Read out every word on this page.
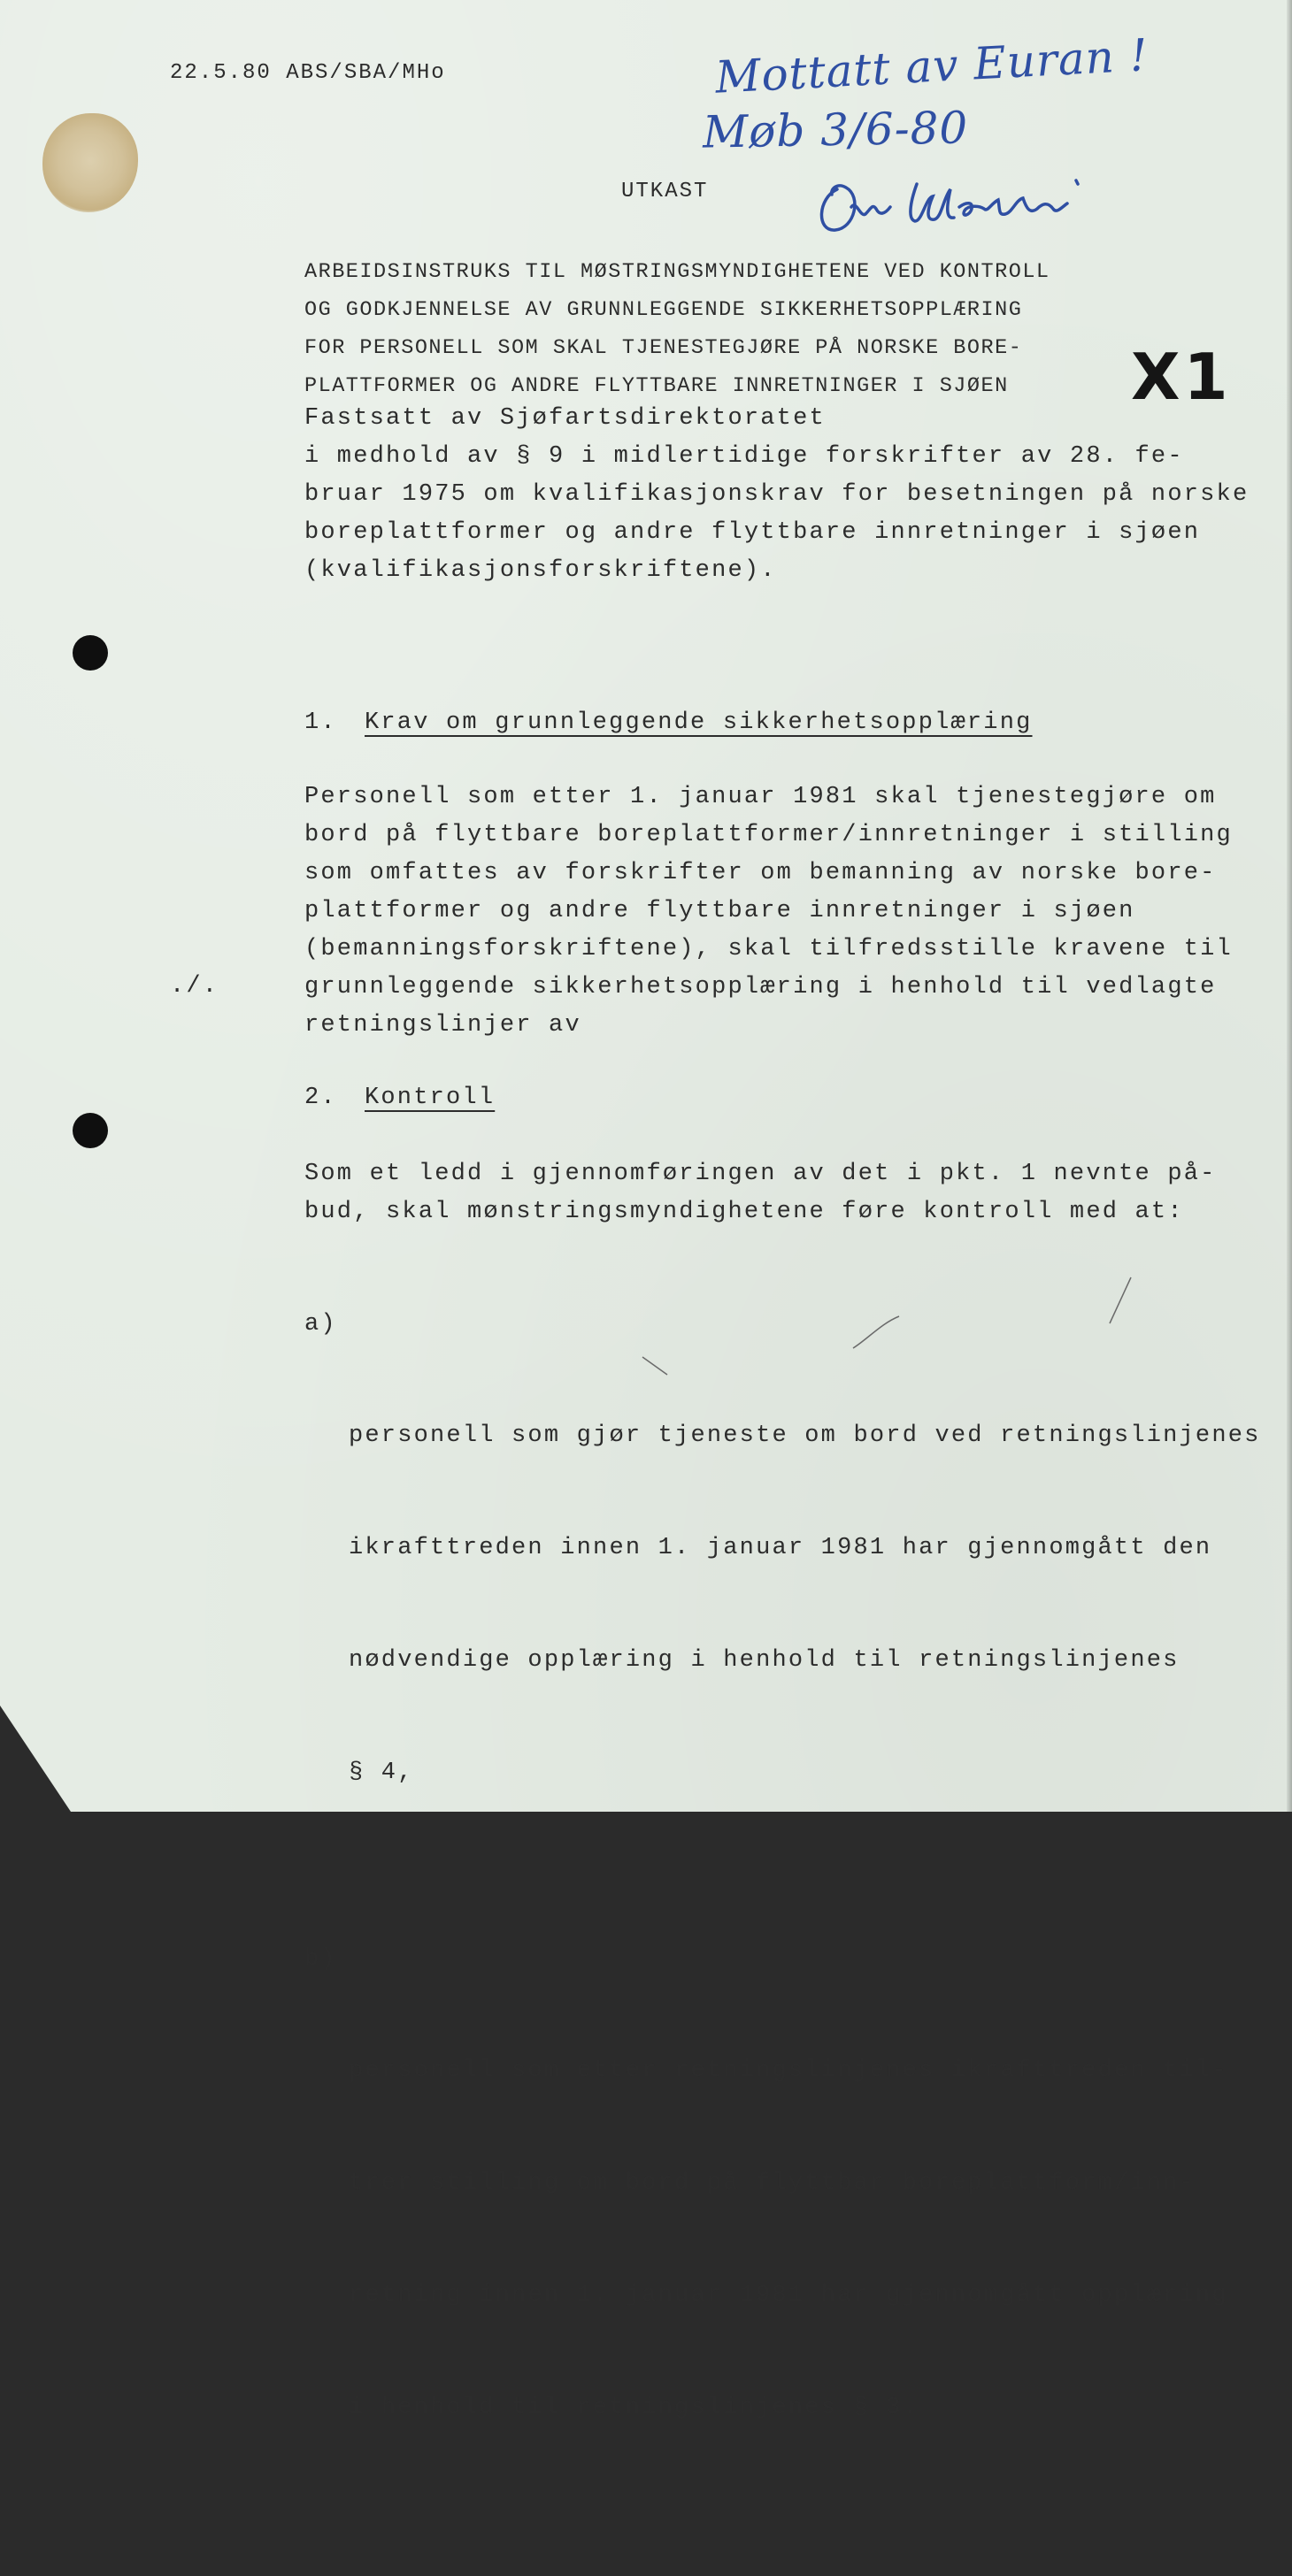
22.5.80 ABS/SBA/MHo	Mottatt av Euran !
Møb 3/6-80
UTKAST
ARBEIDSINSTRUKS TIL MØSTRINGSMYNDIGHETENE VED KONTROLL
OG GODKJENNELSE AV GRUNNLEGGENDE SIKKERHETSOPPLÆRING
FOR PERSONELL SOM SKAL TJENESTEGJØRE PÅ NORSKE BORE-
PLATTFORMER OG ANDRE FLYTTBARE INNRETNINGER I SJØEN	X1
Fastsatt av Sjøfartsdirektoratet
i medhold av § 9 i midlertidige forskrifter av 28. fe-
bruar 1975 om kvalifikasjonskrav for besetningen på norske
boreplattformer og andre flyttbare innretninger i sjøen
(kvalifikasjonsforskriftene).
1. Krav om grunnleggende sikkerhetsopplæring
Personell som etter 1. januar 1981 skal tjenestegjøre om
bord på flyttbare boreplattformer/innretninger i stilling
som omfattes av forskrifter om bemanning av norske bore-
plattformer og andre flyttbare innretninger i sjøen
(bemanningsforskriftene), skal tilfredsstille kravene til
grunnleggende sikkerhetsopplæring i henhold til vedlagte
retningslinjer av
./.
2. Kontroll
Som et ledd i gjennomføringen av det i pkt. 1 nevnte på-
bud, skal mønstringsmyndighetene føre kontroll med at:

a)

personell som gjør tjeneste om bord ved retningslinjenes

ikrafttreden innen 1. januar 1981 har gjennomgått den

nødvendige opplæring i henhold til retningslinjenes

§ 4,

b)

personell som etter retningslinjenes ikrafttreden til-

trer stilling om bord på flyttbar boreplattform/inn-

retning innen 1. januar 1981 har gjennomgått opplæring

i henhold til retningslinjenes § 3.
